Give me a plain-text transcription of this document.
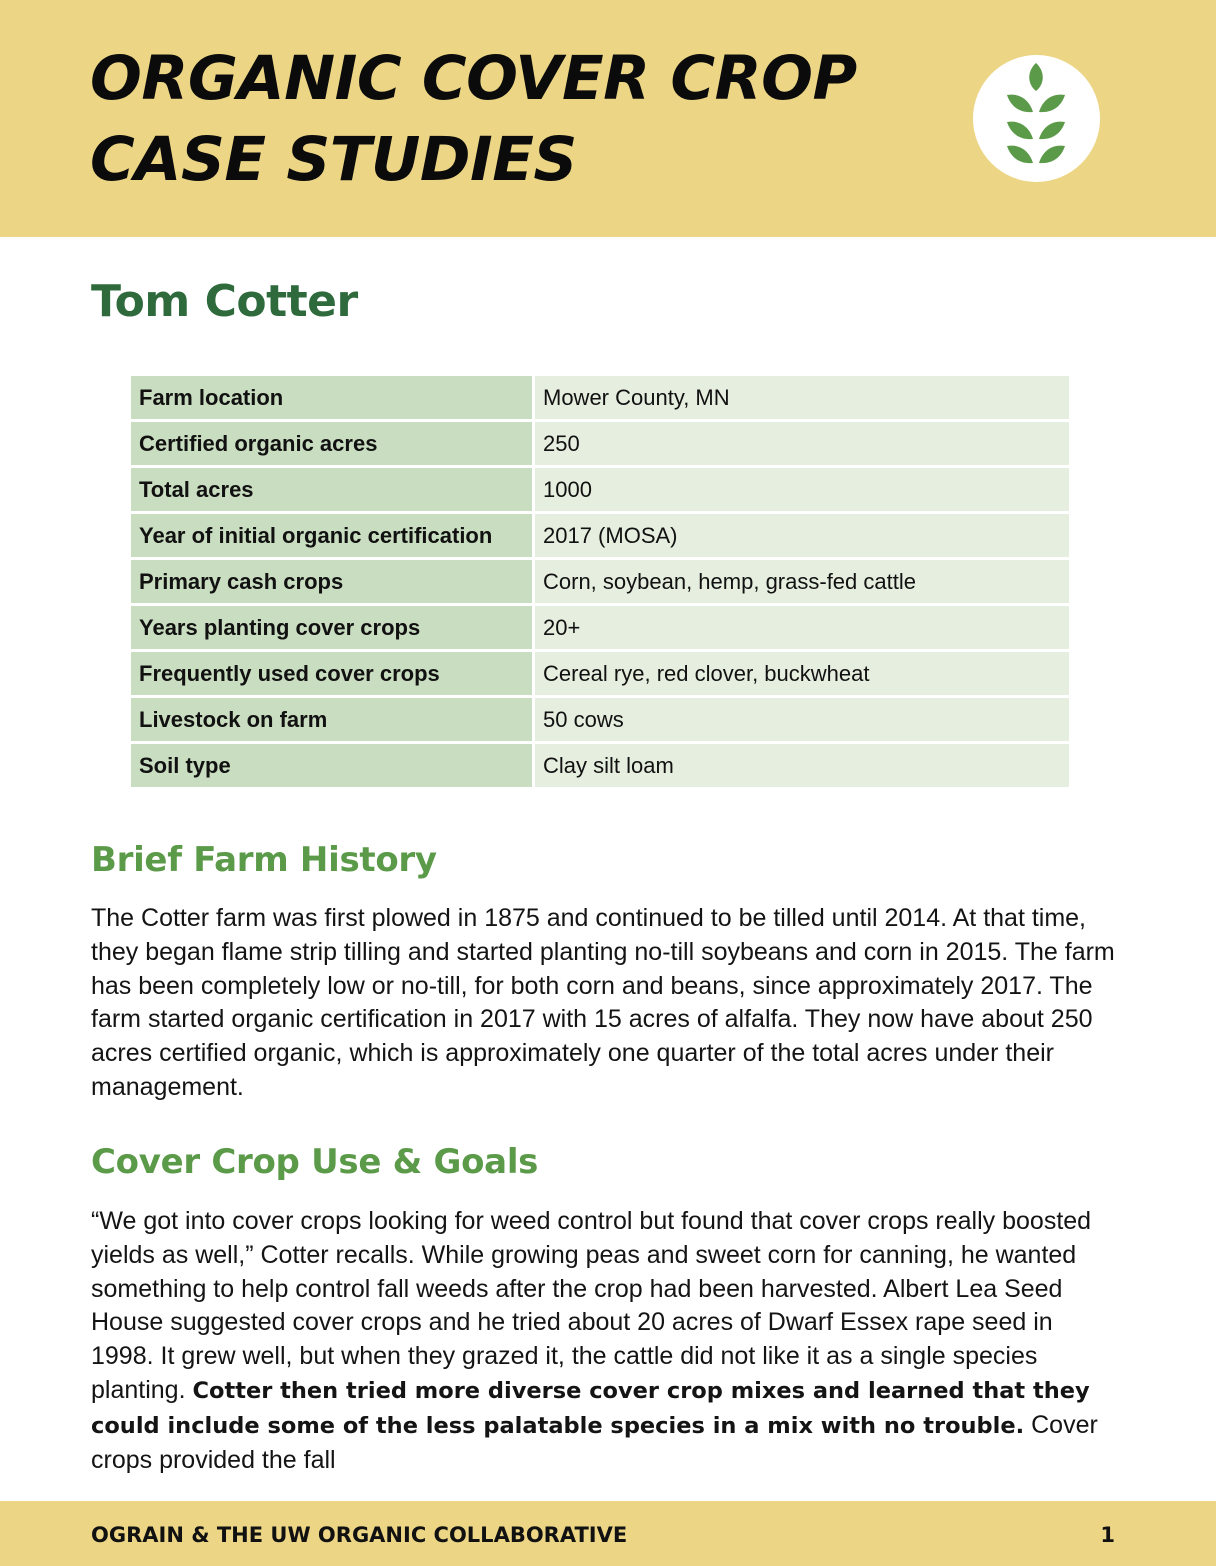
ORGANIC COVER CROP
CASE STUDIES
Tom Cotter
Farm location	Mower County, MN
Certified organic acres	250
Total acres	1000
Year of initial organic certification	2017 (MOSA)
Primary cash crops	Corn, soybean, hemp, grass-fed cattle
Years planting cover crops	20+
Frequently used cover crops	Cereal rye, red clover, buckwheat
Livestock on farm	50 cows
Soil type	Clay silt loam
Brief Farm History

The Cotter farm was first plowed in 1875 and continued to be tilled until 2014. At that time, they began flame strip tilling and started planting no-till soybeans and corn in 2015. The farm has been completely low or no-till, for both corn and beans, since approximately 2017. The farm started organic certification in 2017 with 15 acres of alfalfa. They now have about 250 acres certified organic, which is approximately one quarter of the total acres under their management.

Cover Crop Use & Goals

“We got into cover crops looking for weed control but found that cover crops really boosted yields as well,” Cotter recalls. While growing peas and sweet corn for canning, he wanted something to help control fall weeds after the crop had been harvested. Albert Lea Seed House suggested cover crops and he tried about 20 acres of Dwarf Essex rape seed in 1998. It grew well, but when they grazed it, the cattle did not like it as a single species planting. Cotter then tried more diverse cover crop mixes and learned that they could include some of the less palatable species in a mix with no trouble. Cover crops provided the fall

OGRAIN & THE UW ORGANIC COLLABORATIVE	1
